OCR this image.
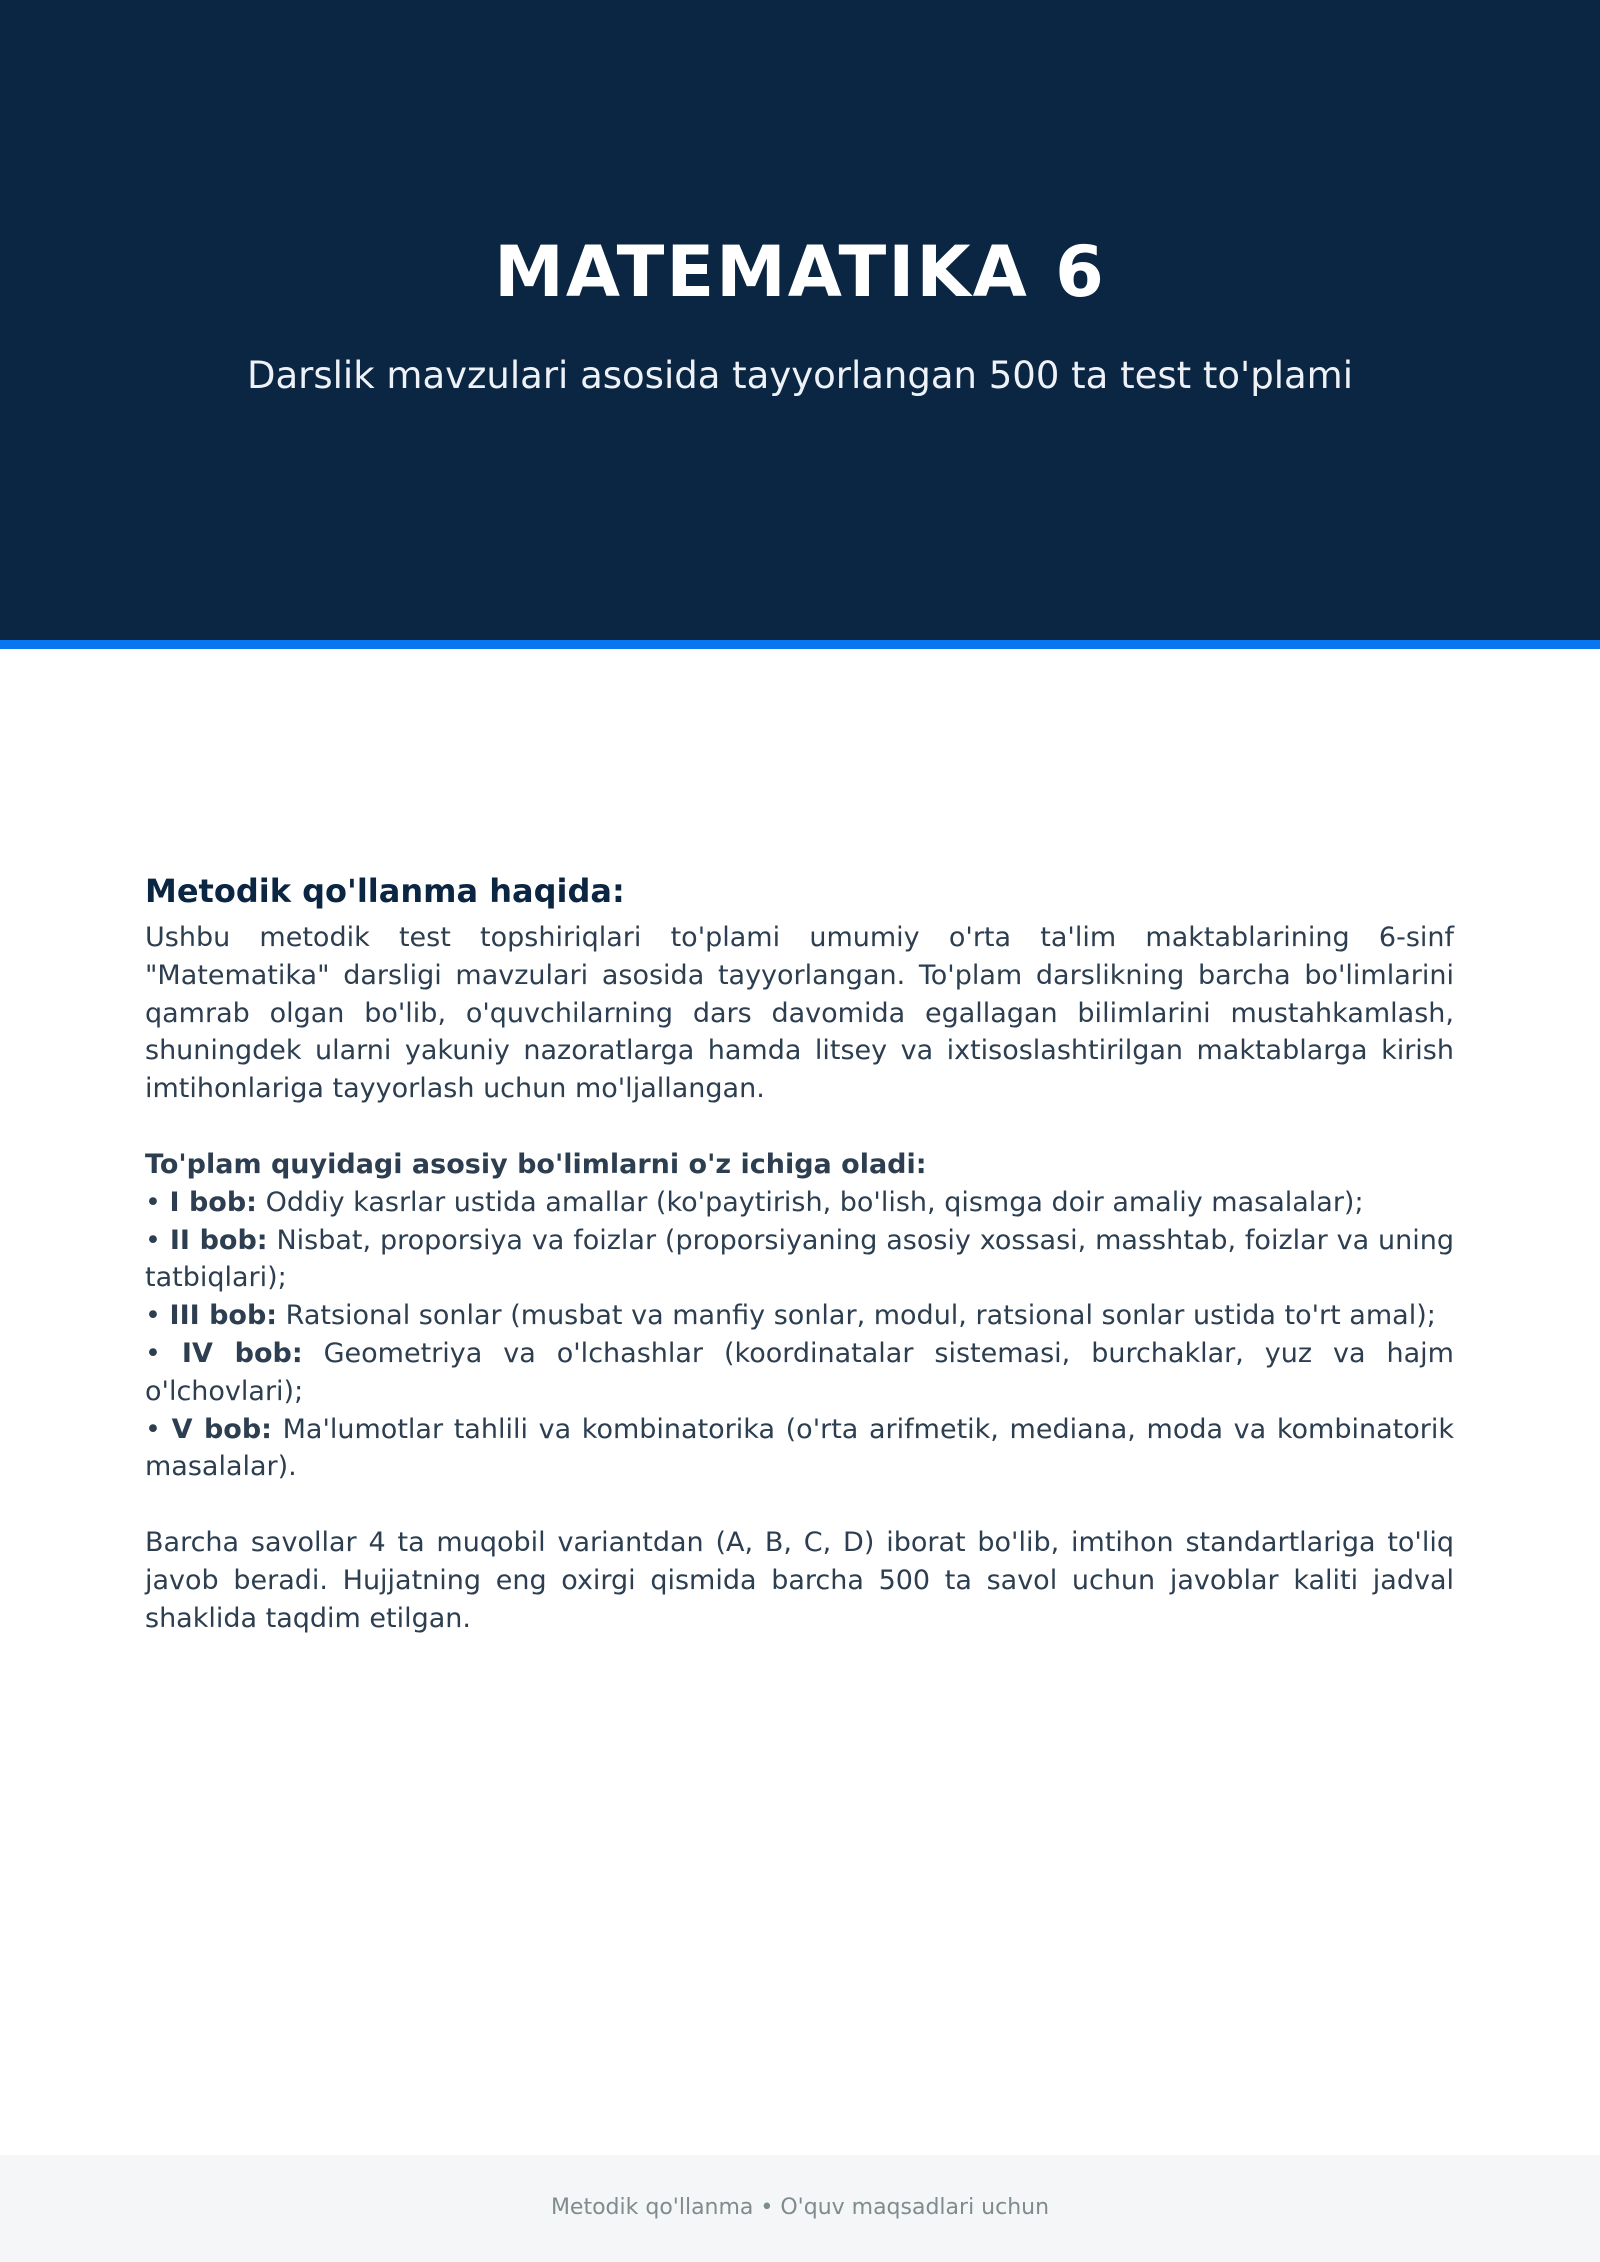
MATEMATIKA 6
Darslik mavzulari asosida tayyorlangan 500 ta test to'plami
Metodik qo'llanma haqida:

Ushbu metodik test topshiriqlari to'plami umumiy o'rta ta'lim maktablarining 6-sinf "Matematika" darsligi mavzulari asosida tayyorlangan. To'plam darslikning barcha bo'limlarini qamrab olgan bo'lib, o'quvchilarning dars davomida egallagan bilimlarini mustahkamlash, shuningdek ularni yakuniy nazoratlarga hamda litsey va ixtisoslashtirilgan maktablarga kirish imtihonlariga tayyorlash uchun mo'ljallangan.

To'plam quyidagi asosiy bo'limlarni o'z ichiga oladi:

• I bob: Oddiy kasrlar ustida amallar (ko'paytirish, bo'lish, qismga doir amaliy masalalar);

• II bob: Nisbat, proporsiya va foizlar (proporsiyaning asosiy xossasi, masshtab, foizlar va uning tatbiqlari);

• III bob: Ratsional sonlar (musbat va manfiy sonlar, modul, ratsional sonlar ustida to'rt amal);

• IV bob: Geometriya va o'lchashlar (koordinatalar sistemasi, burchaklar, yuz va hajm o'lchovlari);

• V bob: Ma'lumotlar tahlili va kombinatorika (o'rta arifmetik, mediana, moda va kombinatorik masalalar).

Barcha savollar 4 ta muqobil variantdan (A, B, C, D) iborat bo'lib, imtihon standartlariga to'liq javob beradi. Hujjatning eng oxirgi qismida barcha 500 ta savol uchun javoblar kaliti jadval shaklida taqdim etilgan.

Metodik qo'llanma • O'quv maqsadlari uchun
